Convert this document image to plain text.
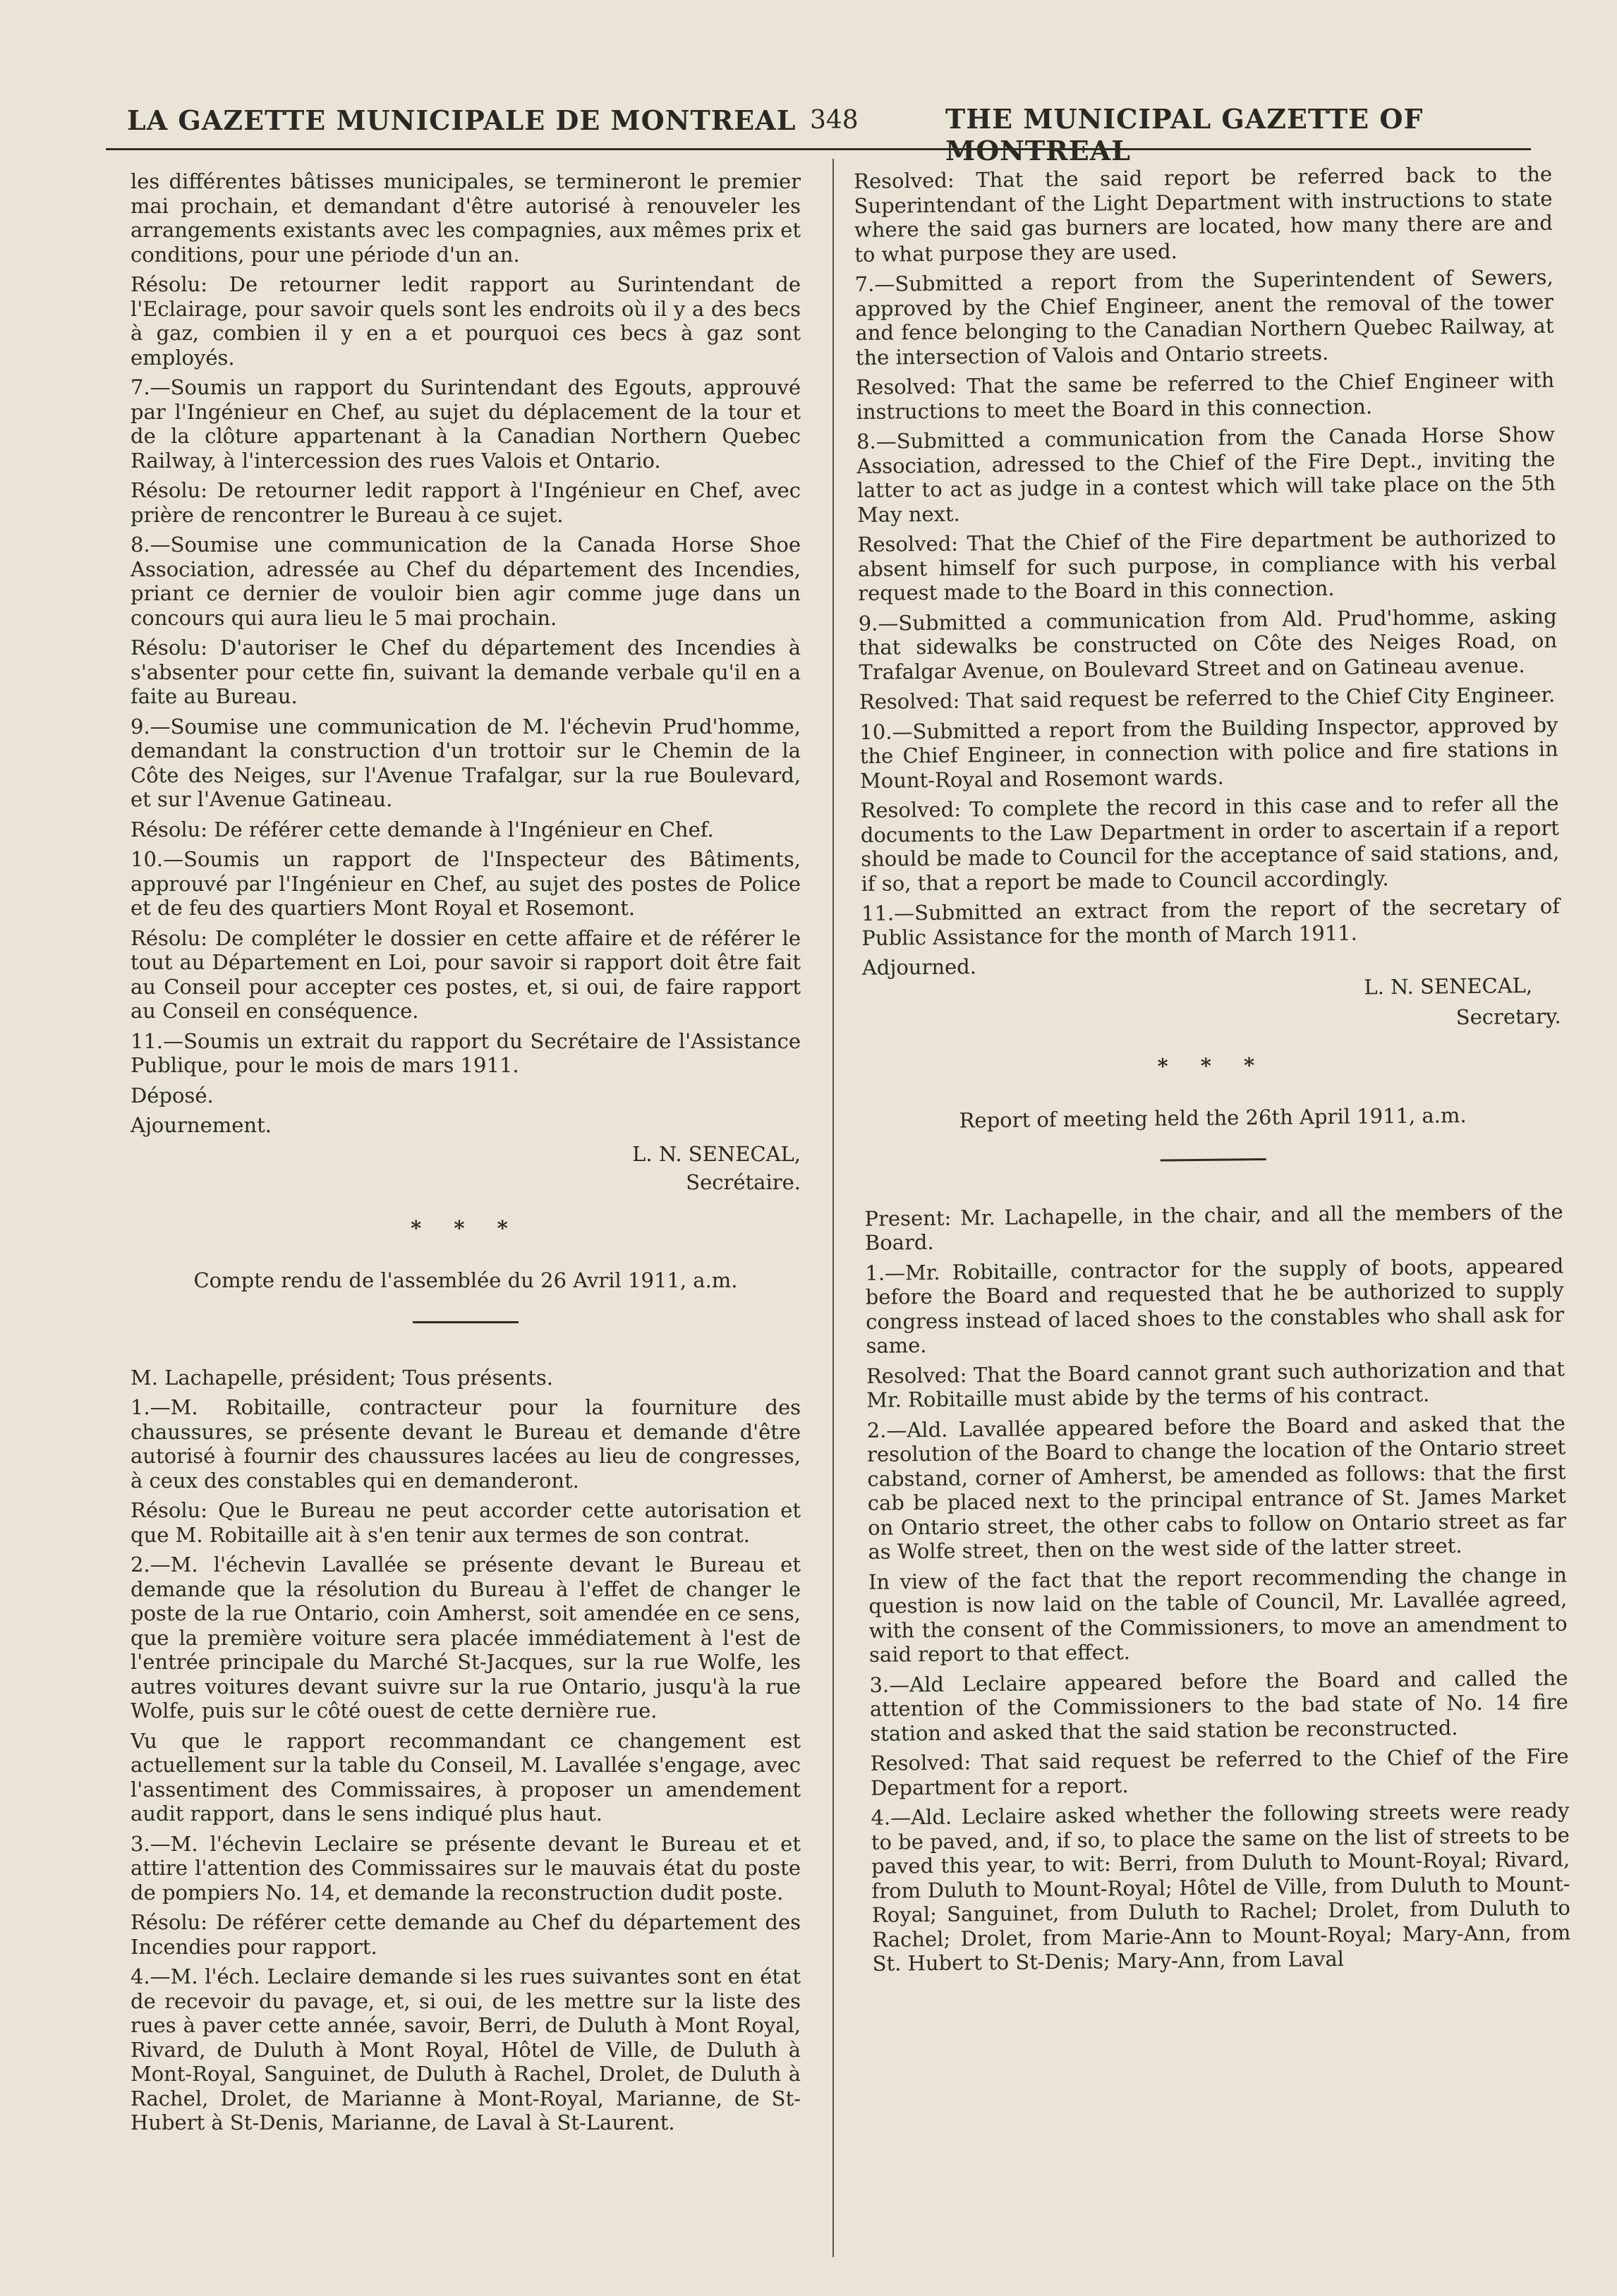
LA GAZETTE MUNICIPALE DE MONTREAL 348	THE MUNICIPAL GAZETTE OF MONTREAL

les différentes bâtisses municipales, se termineront le premier mai prochain, et demandant d'être autorisé à renouveler les arrangements existants avec les compagnies, aux mêmes prix et conditions, pour une période d'un an.

Résolu: De retourner ledit rapport au Surintendant de l'Eclairage, pour savoir quels sont les endroits où il y a des becs à gaz, combien il y en a et pourquoi ces becs à gaz sont employés.

7.—Soumis un rapport du Surintendant des Egouts, approuvé par l'Ingénieur en Chef, au sujet du déplacement de la tour et de la clôture appartenant à la Canadian Northern Quebec Railway, à l'intercession des rues Valois et Ontario.

Résolu: De retourner ledit rapport à l'Ingénieur en Chef, avec prière de rencontrer le Bureau à ce sujet.

8.—Soumise une communication de la Canada Horse Shoe Association, adressée au Chef du département des Incendies, priant ce dernier de vouloir bien agir comme juge dans un concours qui aura lieu le 5 mai prochain.

Résolu: D'autoriser le Chef du département des Incendies à s'absenter pour cette fin, suivant la demande verbale qu'il en a faite au Bureau.

9.—Soumise une communication de M. l'échevin Prud'homme, demandant la construction d'un trottoir sur le Chemin de la Côte des Neiges, sur l'Avenue Trafalgar, sur la rue Boulevard, et sur l'Avenue Gatineau.

Résolu: De référer cette demande à l'Ingénieur en Chef.

10.—Soumis un rapport de l'Inspecteur des Bâtiments, approuvé par l'Ingénieur en Chef, au sujet des postes de Police et de feu des quartiers Mont Royal et Rosemont.

Résolu: De compléter le dossier en cette affaire et de référer le tout au Département en Loi, pour savoir si rapport doit être fait au Conseil pour accepter ces postes, et, si oui, de faire rapport au Conseil en conséquence.

11.—Soumis un extrait du rapport du Secrétaire de l'Assistance Publique, pour le mois de mars 1911.

Déposé.

Ajournement.

L. N. SENECAL,

Secrétaire.

* * *

Compte rendu de l'assemblée du 26 Avril 1911, a.m.

M. Lachapelle, président; Tous présents.

1.—M. Robitaille, contracteur pour la fourniture des chaussures, se présente devant le Bureau et demande d'être autorisé à fournir des chaussures lacées au lieu de congresses, à ceux des constables qui en demanderont.

Résolu: Que le Bureau ne peut accorder cette autorisation et que M. Robitaille ait à s'en tenir aux termes de son contrat.

2.—M. l'échevin Lavallée se présente devant le Bureau et demande que la résolution du Bureau à l'effet de changer le poste de la rue Ontario, coin Amherst, soit amendée en ce sens, que la première voiture sera placée immédiatement à l'est de l'entrée principale du Marché St-Jacques, sur la rue Wolfe, les autres voitures devant suivre sur la rue Ontario, jusqu'à la rue Wolfe, puis sur le côté ouest de cette dernière rue.

Vu que le rapport recommandant ce changement est actuellement sur la table du Conseil, M. Lavallée s'engage, avec l'assentiment des Commissaires, à proposer un amendement audit rapport, dans le sens indiqué plus haut.

3.—M. l'échevin Leclaire se présente devant le Bureau et et attire l'attention des Commissaires sur le mauvais état du poste de pompiers No. 14, et demande la reconstruction dudit poste.

Résolu: De référer cette demande au Chef du département des Incendies pour rapport.

4.—M. l'éch. Leclaire demande si les rues suivantes sont en état de recevoir du pavage, et, si oui, de les mettre sur la liste des rues à paver cette année, savoir, Berri, de Duluth à Mont Royal, Rivard, de Duluth à Mont Royal, Hôtel de Ville, de Duluth à Mont-Royal, Sanguinet, de Duluth à Rachel, Drolet, de Duluth à Rachel, Drolet, de Marianne à Mont-Royal, Marianne, de St-Hubert à St-Denis, Marianne, de Laval à St-Laurent.

Resolved: That the said report be referred back to the Superintendant of the Light Department with instructions to state where the said gas burners are located, how many there are and to what purpose they are used.

7.—Submitted a report from the Superintendent of Sewers, approved by the Chief Engineer, anent the removal of the tower and fence belonging to the Canadian Northern Quebec Railway, at the intersection of Valois and Ontario streets.

Resolved: That the same be referred to the Chief Engineer with instructions to meet the Board in this connection.

8.—Submitted a communication from the Canada Horse Show Association, adressed to the Chief of the Fire Dept., inviting the latter to act as judge in a contest which will take place on the 5th May next.

Resolved: That the Chief of the Fire department be authorized to absent himself for such purpose, in compliance with his verbal request made to the Board in this connection.

9.—Submitted a communication from Ald. Prud'homme, asking that sidewalks be constructed on Côte des Neiges Road, on Trafalgar Avenue, on Boulevard Street and on Gatineau avenue.

Resolved: That said request be referred to the Chief City Engineer.

10.—Submitted a report from the Building Inspector, approved by the Chief Engineer, in connection with police and fire stations in Mount-Royal and Rosemont wards.

Resolved: To complete the record in this case and to refer all the documents to the Law Department in order to ascertain if a report should be made to Council for the acceptance of said stations, and, if so, that a report be made to Council accordingly.

11.—Submitted an extract from the report of the secretary of Public Assistance for the month of March 1911.

Adjourned.

L. N. SENECAL,

Secretary.

* * *

Report of meeting held the 26th April 1911, a.m.

Present: Mr. Lachapelle, in the chair, and all the members of the Board.

1.—Mr. Robitaille, contractor for the supply of boots, appeared before the Board and requested that he be authorized to supply congress instead of laced shoes to the constables who shall ask for same.

Resolved: That the Board cannot grant such authorization and that Mr. Robitaille must abide by the terms of his contract.

2.—Ald. Lavallée appeared before the Board and asked that the resolution of the Board to change the location of the Ontario street cabstand, corner of Amherst, be amended as follows: that the first cab be placed next to the principal entrance of St. James Market on Ontario street, the other cabs to follow on Ontario street as far as Wolfe street, then on the west side of the latter street.

In view of the fact that the report recommending the change in question is now laid on the table of Council, Mr. Lavallée agreed, with the consent of the Commissioners, to move an amendment to said report to that effect.

3.—Ald Leclaire appeared before the Board and called the attention of the Commissioners to the bad state of No. 14 fire station and asked that the said station be reconstructed.

Resolved: That said request be referred to the Chief of the Fire Department for a report.

4.—Ald. Leclaire asked whether the following streets were ready to be paved, and, if so, to place the same on the list of streets to be paved this year, to wit: Berri, from Duluth to Mount-Royal; Rivard, from Duluth to Mount-Royal; Hôtel de Ville, from Duluth to Mount-Royal; Sanguinet, from Duluth to Rachel; Drolet, from Duluth to Rachel; Drolet, from Marie-Ann to Mount-Royal; Mary-Ann, from St. Hubert to St-Denis; Mary-Ann, from Laval
